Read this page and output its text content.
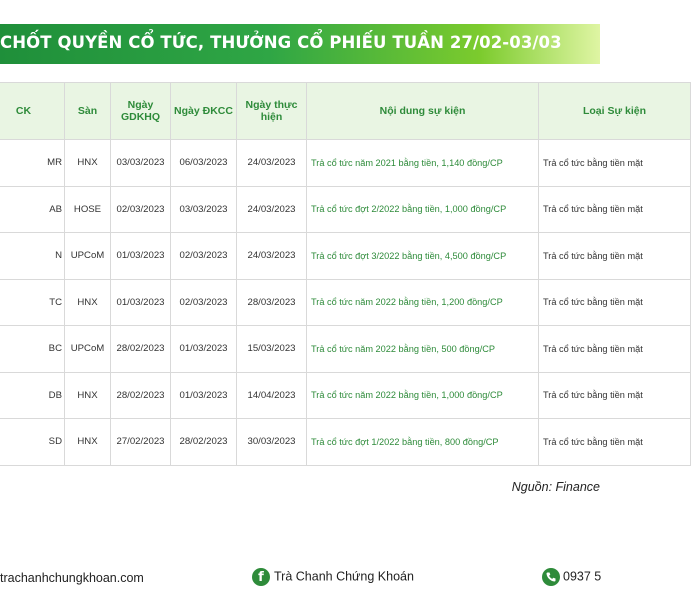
CHỐT QUYỀN CỔ TỨC, THƯỞNG CỔ PHIẾU TUẦN 27/02-03/03
CK	Sàn	Ngày GDKHQ	Ngày ĐKCC	Ngày thực hiện	Nội dung sự kiện	Loại Sự kiện
MR	HNX	03/03/2023	06/03/2023	24/03/2023	Trả cổ tức năm 2021 bằng tiền, 1,140 đồng/CP	Trả cổ tức bằng tiền mặt
AB	HOSE	02/03/2023	03/03/2023	24/03/2023	Trả cổ tức đợt 2/2022 bằng tiền, 1,000 đồng/CP	Trả cổ tức bằng tiền mặt
N	UPCoM	01/03/2023	02/03/2023	24/03/2023	Trả cổ tức đợt 3/2022 bằng tiền, 4,500 đồng/CP	Trả cổ tức bằng tiền mặt
TC	HNX	01/03/2023	02/03/2023	28/03/2023	Trả cổ tức năm 2022 bằng tiền, 1,200 đồng/CP	Trả cổ tức bằng tiền mặt
BC	UPCoM	28/02/2023	01/03/2023	15/03/2023	Trả cổ tức năm 2022 bằng tiền, 500 đồng/CP	Trả cổ tức bằng tiền mặt
DB	HNX	28/02/2023	01/03/2023	14/04/2023	Trả cổ tức năm 2022 bằng tiền, 1,000 đồng/CP	Trả cổ tức bằng tiền mặt
SD	HNX	27/02/2023	28/02/2023	30/03/2023	Trả cổ tức đợt 1/2022 bằng tiền, 800 đồng/CP	Trả cổ tức bằng tiền mặt
Nguồn: Finance
trachanhchungkhoan.com	f Trà Chanh Chứng Khoán	0937 5
